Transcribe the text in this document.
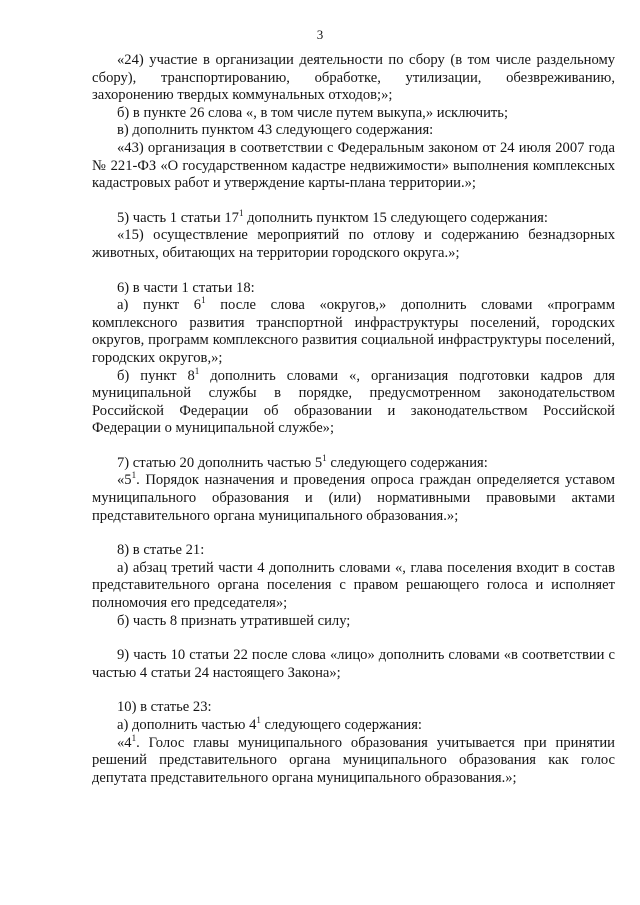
3

«24) участие в организации деятельности по сбору (в том числе раздельному сбору), транспортированию, обработке, утилизации, обезвреживанию, захоронению твердых коммунальных отходов;»;

б) в пункте 26 слова «, в том числе путем выкупа,» исключить;

в) дополнить пунктом 43 следующего содержания:

«43) организация в соответствии с Федеральным законом от 24 июля 2007 года № 221-ФЗ «О государственном кадастре недвижимости» выполнения комплексных кадастровых работ и утверждение карты-плана территории.»;

5) часть 1 статьи $17^1$ дополнить пунктом 15 следующего содержания:

«15) осуществление мероприятий по отлову и содержанию безнадзорных животных, обитающих на территории городского округа.»;

6) в части 1 статьи 18:

а) пункт $6^1$ после слова «округов,» дополнить словами «программ комплексного развития транспортной инфраструктуры поселений, городских округов, программ комплексного развития социальной инфраструктуры поселений, городских округов,»;

б) пункт $8^1$ дополнить словами «, организация подготовки кадров для муниципальной службы в порядке, предусмотренном законодательством Российской Федерации об образовании и законодательством Российской Федерации о муниципальной службе»;

7) статью 20 дополнить частью $5^1$ следующего содержания:

«$5^1$. Порядок назначения и проведения опроса граждан определяется уставом муниципального образования и (или) нормативными правовыми актами представительного органа муниципального образования.»;

8) в статье 21:

а) абзац третий части 4 дополнить словами «, глава поселения входит в состав представительного органа поселения с правом решающего голоса и исполняет полномочия его председателя»;

б) часть 8 признать утратившей силу;

9) часть 10 статьи 22 после слова «лицо» дополнить словами «в соответствии с частью 4 статьи 24 настоящего Закона»;

10) в статье 23:

а) дополнить частью $4^1$ следующего содержания:

«$4^1$. Голос главы муниципального образования учитывается при принятии решений представительного органа муниципального образования как голос депутата представительного органа муниципального образования.»;
